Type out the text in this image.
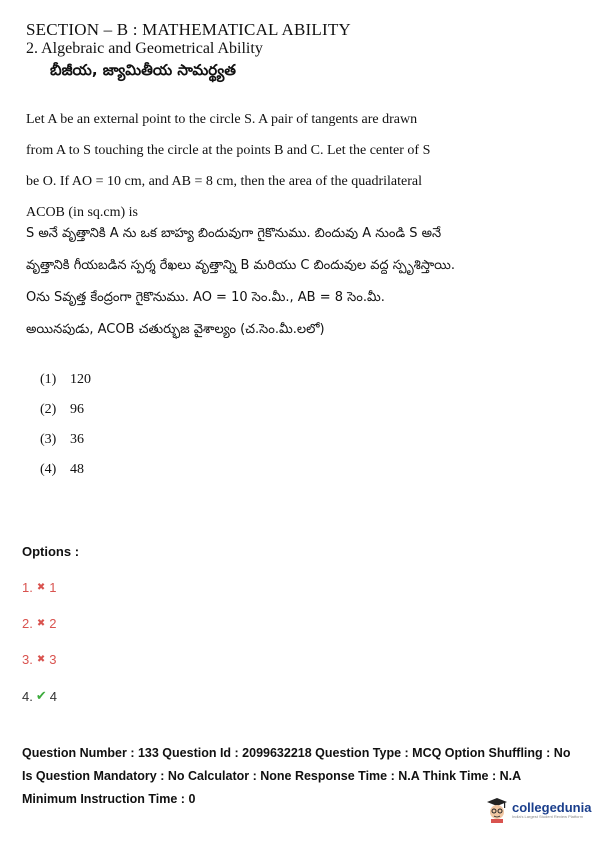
SECTION – B : MATHEMATICAL ABILITY
2. Algebraic and Geometrical Ability
బీజీయ, జ్యామితీయ సామర్థ్యత
Let A be an external point to the circle S. A pair of tangents are drawn from A to S touching the circle at the points B and C. Let the center of S be O. If AO = 10 cm, and AB = 8 cm, then the area of the quadrilateral ACOB (in sq.cm) is
S అనే వృత్తానికి A ను ఒక బాహ్య బిందువుగా గైకొనుము. బిందువు A నుండి S అనే వృత్తానికి గీయబడిన స్పర్శ రేఖలు వృత్తాన్ని B మరియు C బిందువుల వద్ద స్పృశిస్తాయి. Oను Sవృత్త కేంద్రంగా గైకొనుము. AO = 10 సెం.మీ., AB = 8 సెం.మీ. అయినపుడు, ACOB చతుర్భుజ వైశాల్యం (చ.సెం.మీ.లలో)
(1) 120
(2) 96
(3) 36
(4) 48
Options :
1. ✖ 1
2. ✖ 2
3. ✖ 3
4. ✔ 4
Question Number : 133 Question Id : 2099632218 Question Type : MCQ Option Shuffling : No
Is Question Mandatory : No Calculator : None Response Time : N.A Think Time : N.A
Minimum Instruction Time : 0
collegedunia
India's Largest Student Review Platform
